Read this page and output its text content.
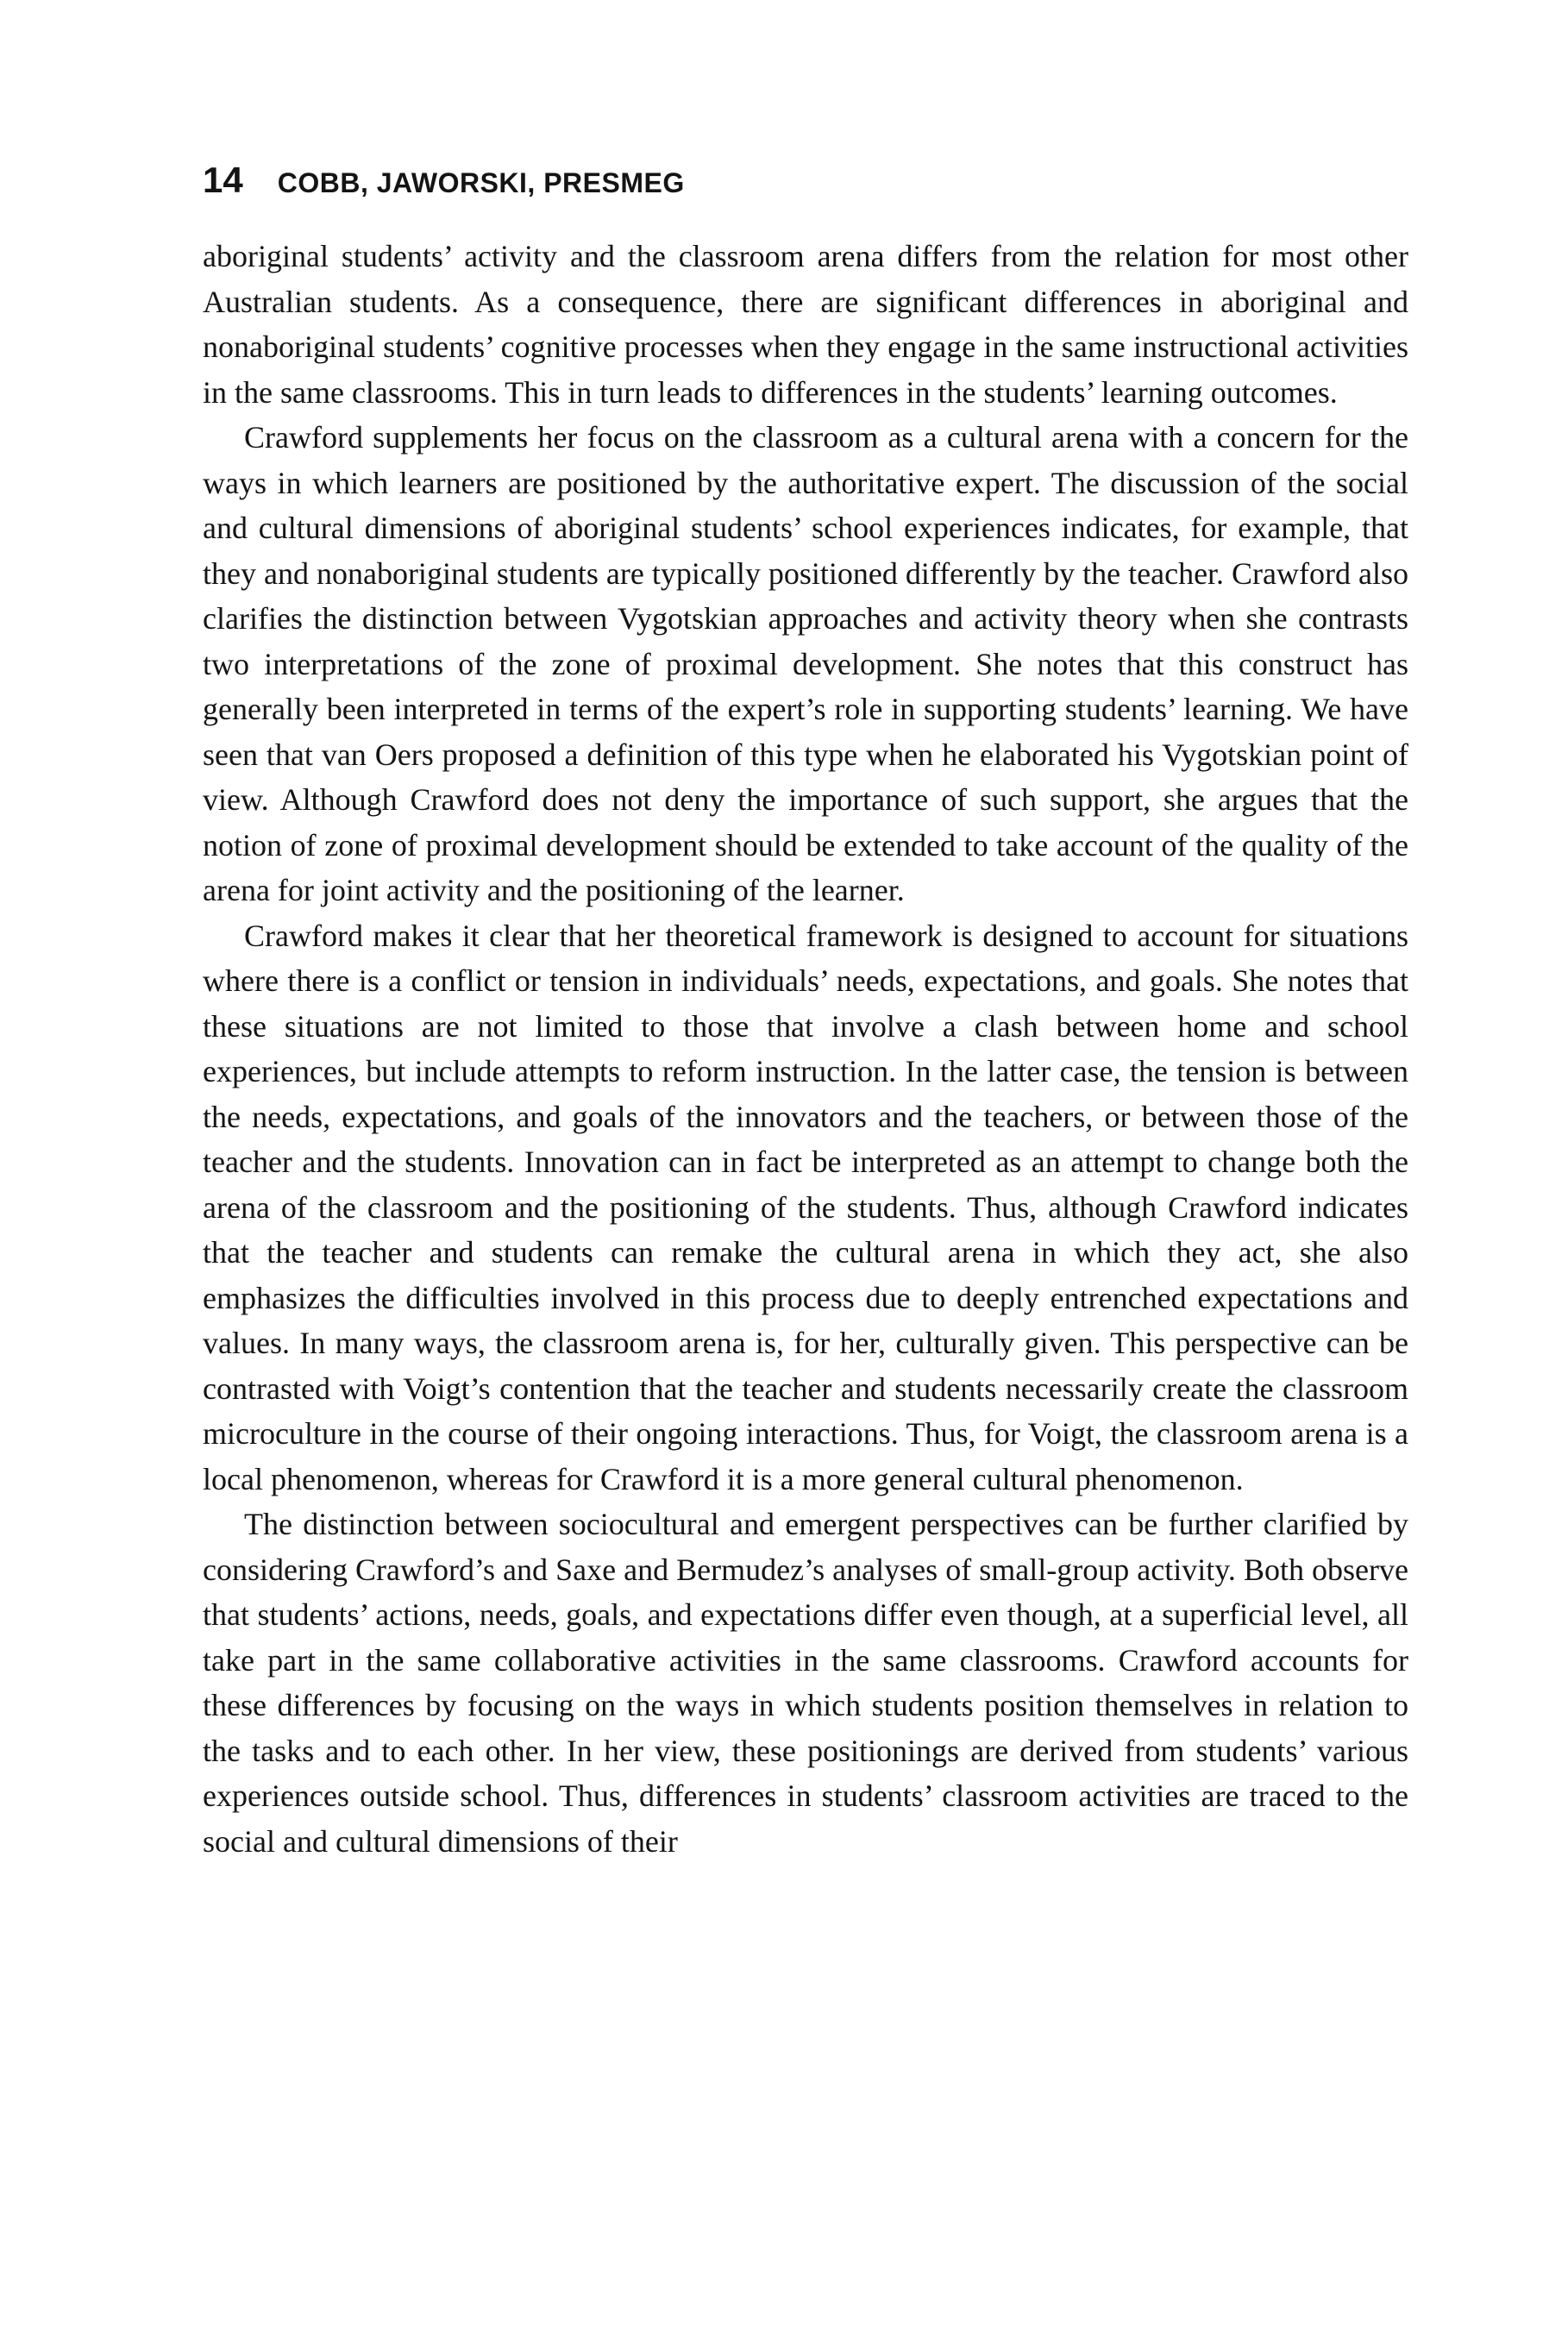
14 COBB, JAWORSKI, PRESMEG

aboriginal students’ activity and the classroom arena differs from the relation for most other Australian students. As a consequence, there are significant differences in aboriginal and nonaboriginal students’ cognitive processes when they engage in the same instructional activities in the same classrooms. This in turn leads to differences in the students’ learning outcomes.

Crawford supplements her focus on the classroom as a cultural arena with a concern for the ways in which learners are positioned by the authoritative expert. The discussion of the social and cultural dimensions of aboriginal students’ school experiences indicates, for example, that they and nonaboriginal students are typically positioned differently by the teacher. Crawford also clarifies the distinction between Vygotskian approaches and activity theory when she contrasts two interpretations of the zone of proximal development. She notes that this construct has generally been interpreted in terms of the expert’s role in supporting students’ learning. We have seen that van Oers proposed a definition of this type when he elaborated his Vygotskian point of view. Although Crawford does not deny the importance of such support, she argues that the notion of zone of proximal development should be extended to take account of the quality of the arena for joint activity and the positioning of the learner.

Crawford makes it clear that her theoretical framework is designed to account for situations where there is a conflict or tension in individuals’ needs, expectations, and goals. She notes that these situations are not limited to those that involve a clash between home and school experiences, but include attempts to reform instruction. In the latter case, the tension is between the needs, expectations, and goals of the innovators and the teachers, or between those of the teacher and the students. Innovation can in fact be interpreted as an attempt to change both the arena of the classroom and the positioning of the students. Thus, although Crawford indicates that the teacher and students can remake the cultural arena in which they act, she also emphasizes the difficulties involved in this process due to deeply entrenched expectations and values. In many ways, the classroom arena is, for her, culturally given. This perspective can be contrasted with Voigt’s contention that the teacher and students necessarily create the classroom microculture in the course of their ongoing interactions. Thus, for Voigt, the classroom arena is a local phenomenon, whereas for Crawford it is a more general cultural phenomenon.

The distinction between sociocultural and emergent perspectives can be further clarified by considering Crawford’s and Saxe and Bermudez’s analyses of small-group activity. Both observe that students’ actions, needs, goals, and expectations differ even though, at a superficial level, all take part in the same collaborative activities in the same classrooms. Crawford accounts for these differences by focusing on the ways in which students position themselves in relation to the tasks and to each other. In her view, these positionings are derived from students’ various experiences outside school. Thus, differences in students’ classroom activities are traced to the social and cultural dimensions of their
